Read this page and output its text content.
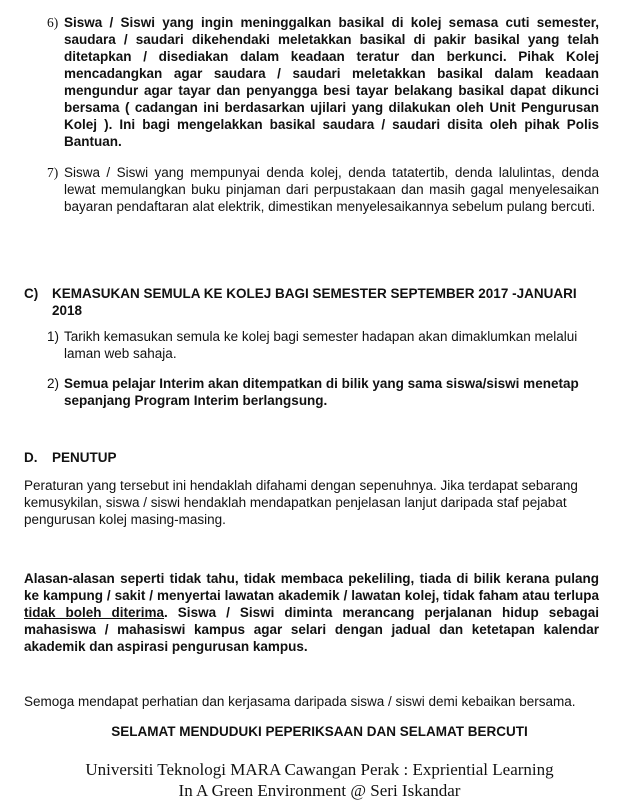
6) Siswa / Siswi yang ingin meninggalkan basikal di kolej semasa cuti semester, saudara / saudari dikehendaki meletakkan basikal di pakir basikal yang telah ditetapkan / disediakan dalam keadaan teratur dan berkunci. Pihak Kolej mencadangkan agar saudara / saudari meletakkan basikal dalam keadaan mengundur agar tayar dan penyangga besi tayar belakang basikal dapat dikunci bersama ( cadangan ini berdasarkan ujilari yang dilakukan oleh Unit Pengurusan Kolej ). Ini bagi mengelakkan basikal saudara / saudari disita oleh pihak Polis Bantuan.
7) Siswa / Siswi yang mempunyai denda kolej, denda tatatertib, denda lalulintas, denda lewat memulangkan buku pinjaman dari perpustakaan dan masih gagal menyelesaikan bayaran pendaftaran alat elektrik, dimestikan menyelesaikannya sebelum pulang bercuti.
C)	KEMASUKAN SEMULA KE KOLEJ BAGI SEMESTER SEPTEMBER 2017 -JANUARI 2018
1) Tarikh kemasukan semula ke kolej bagi semester hadapan akan dimaklumkan melalui laman web sahaja.
2) Semua pelajar Interim akan ditempatkan di bilik yang sama siswa/siswi menetap sepanjang Program Interim berlangsung.
D.	PENUTUP
Peraturan yang tersebut ini hendaklah difahami dengan sepenuhnya. Jika terdapat sebarang kemusykilan, siswa / siswi hendaklah mendapatkan penjelasan lanjut daripada staf pejabat pengurusan kolej masing-masing.
Alasan-alasan seperti tidak tahu, tidak membaca pekeliling, tiada di bilik kerana pulang ke kampung / sakit / menyertai lawatan akademik / lawatan kolej, tidak faham atau terlupa tidak boleh diterima. Siswa / Siswi diminta merancang perjalanan hidup sebagai mahasiswa / mahasiswi kampus agar selari dengan jadual dan ketetapan kalendar akademik dan aspirasi pengurusan kampus.
Semoga mendapat perhatian dan kerjasama daripada siswa / siswi demi kebaikan bersama.
SELAMAT MENDUDUKI PEPERIKSAAN DAN SELAMAT BERCUTI
Universiti Teknologi MARA Cawangan Perak : Expriential Learning
In A Green Environment @ Seri Iskandar
